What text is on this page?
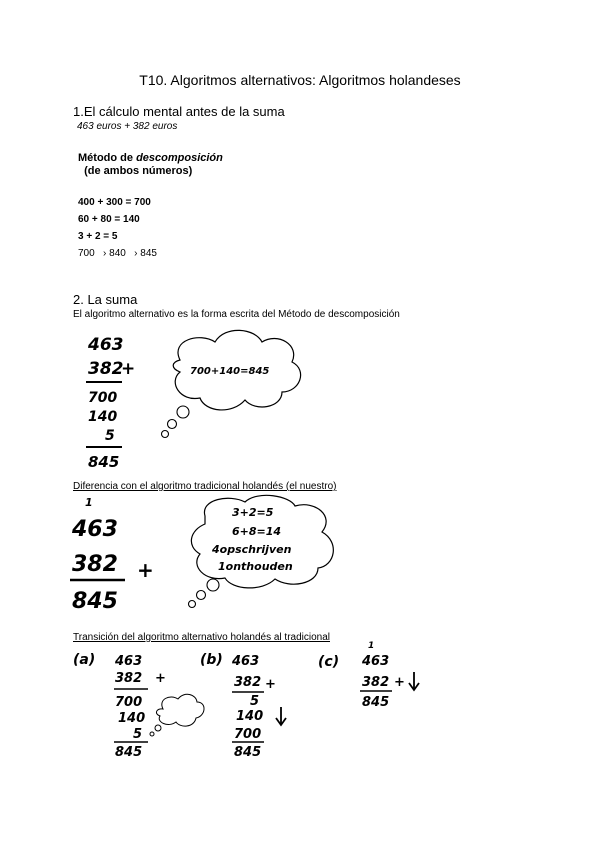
T10. Algoritmos alternativos: Algoritmos holandeses
1.El cálculo mental antes de la suma
463 euros + 382 euros
Método de descomposición
(de ambos números)
400 + 300 = 700
60 + 80 = 140
3 + 2 = 5
700   › 840   › 845
2. La suma
El algoritmo alternativo es la forma escrita del Método de descomposición
463
382
+
700
140
5
845
700+140=845
Diferencia con el algoritmo tradicional holandés (el nuestro)
1
463
382 +
845
3+2=5
6+8=14
4opschrijven
1onthouden
Transición del algoritmo alternativo holandés al tradicional
(a) 463
382 +
700
140
5
845
(b) 463
382 +
5
140
700
845
(c)
1
463
382 +
845
